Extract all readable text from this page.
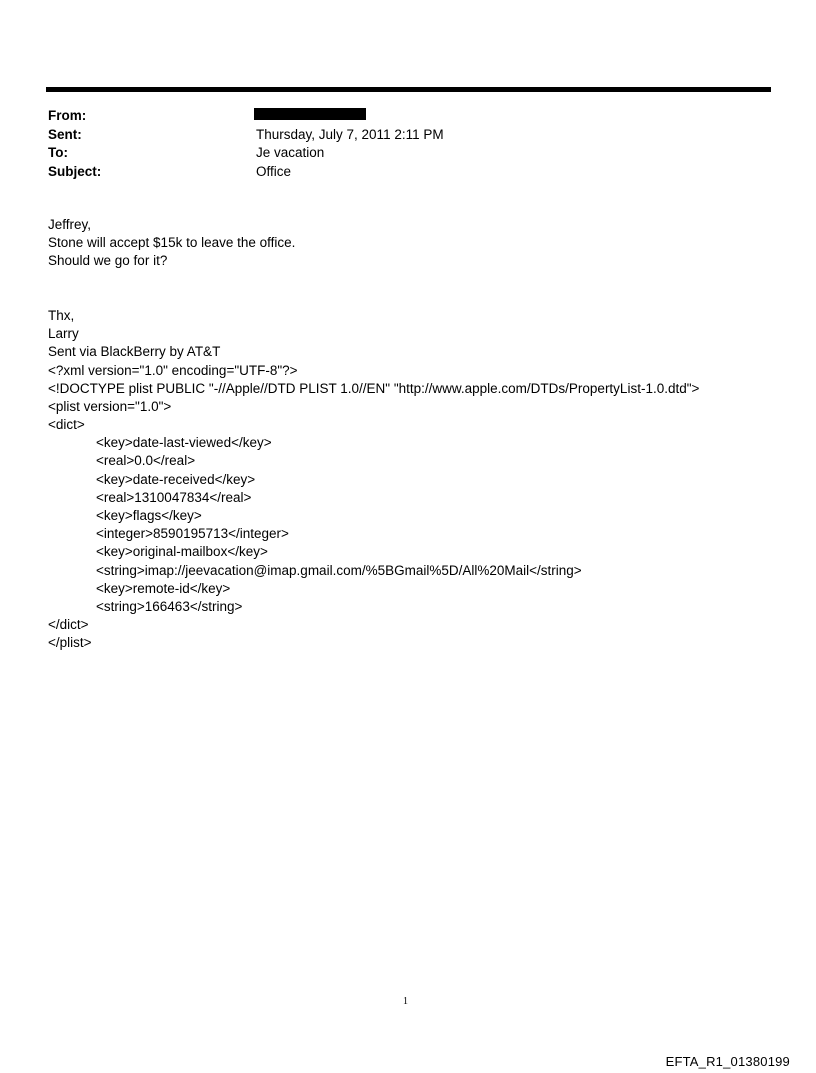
From:
Sent:	Thursday, July 7, 2011 2:11 PM
To:	Je vacation
Subject:	Office
Jeffrey,
Stone will accept $15k to leave the office.
Should we go for it?
Thx,
Larry
Sent via BlackBerry by AT&T
<?xml version="1.0" encoding="UTF-8"?>
<!DOCTYPE plist PUBLIC "-//Apple//DTD PLIST 1.0//EN" "http://www.apple.com/DTDs/PropertyList-1.0.dtd">
<plist version="1.0">
<dict>
<key>date-last-viewed</key>
<real>0.0</real>
<key>date-received</key>
<real>1310047834</real>
<key>flags</key>
<integer>8590195713</integer>
<key>original-mailbox</key>
<string>imap://jeevacation@imap.gmail.com/%5BGmail%5D/All%20Mail</string>
<key>remote-id</key>
<string>166463</string>
</dict>
</plist>
1
EFTA_R1_01380199
